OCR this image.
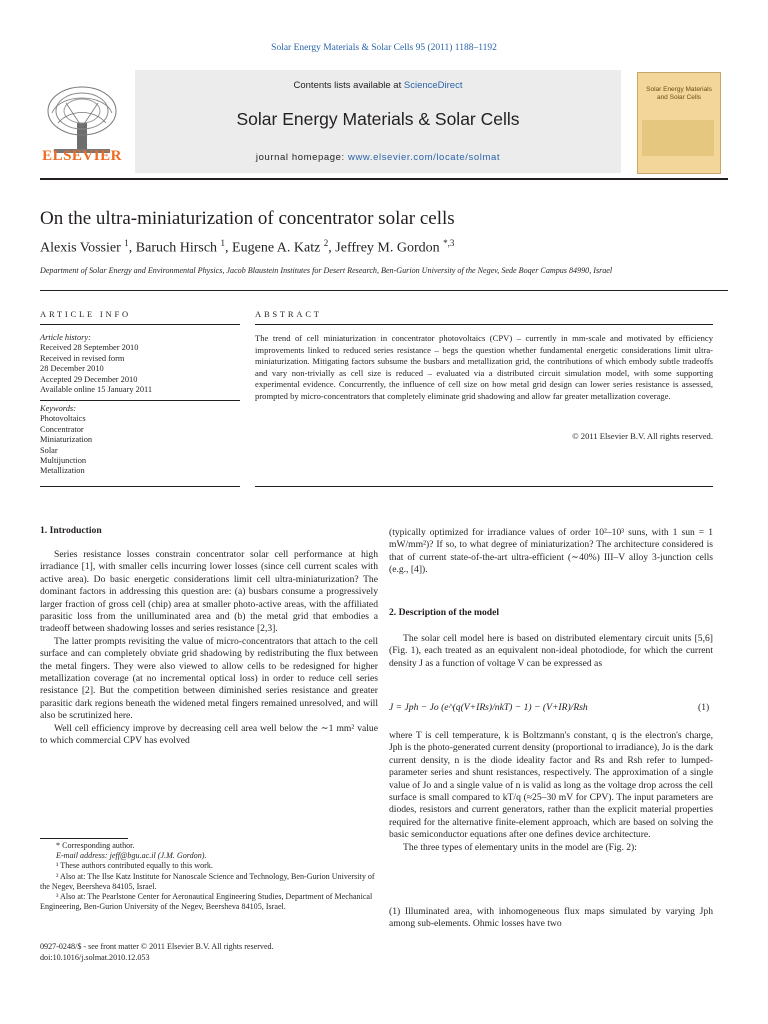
Solar Energy Materials & Solar Cells 95 (2011) 1188–1192
ELSEVIER
Contents lists available at ScienceDirect
Solar Energy Materials & Solar Cells
journal homepage: www.elsevier.com/locate/solmat
Solar Energy Materials and Solar Cells
On the ultra-miniaturization of concentrator solar cells
Alexis Vossier $^1$, Baruch Hirsch $^1$, Eugene A. Katz $^2$, Jeffrey M. Gordon $^{*,3}$
Department of Solar Energy and Environmental Physics, Jacob Blaustein Institutes for Desert Research, Ben-Gurion University of the Negev, Sede Boqer Campus 84990, Israel
ARTICLE INFO	ABSTRACT
Article history:
Received 28 September 2010
Received in revised form
28 December 2010
Accepted 29 December 2010
Available online 15 January 2011
Keywords:
Photovoltaics
Concentrator
Miniaturization
Solar
Multijunction
Metallization
The trend of cell miniaturization in concentrator photovoltaics (CPV) – currently in mm-scale and motivated by efficiency improvements linked to reduced series resistance – begs the question whether fundamental energetic considerations limit ultra-miniaturization. Mitigating factors subsume the busbars and metallization grid, the contributions of which embody subtle tradeoffs and vary non-trivially as cell size is reduced – evaluated via a distributed circuit simulation model, with some supporting experimental evidence. Concurrently, the influence of cell size on how metal grid design can lower series resistance is assessed, prompted by micro-concentrators that completely eliminate grid shadowing and allow far greater metallization coverage.
© 2011 Elsevier B.V. All rights reserved.
1. Introduction

Series resistance losses constrain concentrator solar cell performance at high irradiance [1], with smaller cells incurring lower losses (since cell current scales with active area). Do basic energetic considerations limit cell ultra-miniaturization? The dominant factors in addressing this question are: (a) busbars consume a progressively larger fraction of gross cell (chip) area at smaller photo-active areas, with the affiliated parasitic loss from the unilluminated area and (b) the metal grid that embodies a tradeoff between shadowing losses and series resistance [2,3].

The latter prompts revisiting the value of micro-concentrators that attach to the cell surface and can completely obviate grid shadowing by redistributing the flux between the metal fingers. They were also viewed to allow cells to be redesigned for higher metallization coverage (at no incremental optical loss) in order to reduce cell series resistance [2]. But the competition between diminished series resistance and greater parasitic dark regions beneath the widened metal fingers remained unresolved, and will also be scrutinized here.

Well cell efficiency improve by decreasing cell area well below the ∼1 mm² value to which commercial CPV has evolved

* Corresponding author.
E-mail address: jeff@bgu.ac.il (J.M. Gordon).
¹ These authors contributed equally to this work.
² Also at: The Ilse Katz Institute for Nanoscale Science and Technology, Ben-Gurion University of the Negev, Beersheva 84105, Israel.
³ Also at: The Pearlstone Center for Aeronautical Engineering Studies, Department of Mechanical Engineering, Ben-Gurion University of the Negev, Beersheva 84105, Israel.
0927-0248/$ - see front matter © 2011 Elsevier B.V. All rights reserved.
doi:10.1016/j.solmat.2010.12.053

(typically optimized for irradiance values of order 10²–10³ suns, with 1 sun = 1 mW/mm²)? If so, to what degree of miniaturization? The architecture considered is that of current state-of-the-art ultra-efficient (∼40%) III–V alloy 3-junction cells (e.g., [4]).

2. Description of the model

The solar cell model here is based on distributed elementary circuit units [5,6] (Fig. 1), each treated as an equivalent non-ideal photodiode, for which the current density J as a function of voltage V can be expressed as

J = Jph − Jo (e^(q(V+IRs)/nkT) − 1) − (V+IR)/Rsh	(1)

where T is cell temperature, k is Boltzmann's constant, q is the electron's charge, Jph is the photo-generated current density (proportional to irradiance), Jo is the dark current density, n is the diode ideality factor and Rs and Rsh refer to lumped-parameter series and shunt resistances, respectively. The approximation of a single value of Jo and a single value of n is valid as long as the voltage drop across the cell surface is small compared to kT/q (≈25–30 mV for CPV). The input parameters are diodes, resistors and current generators, rather than the explicit material properties required for the alternative finite-element approach, which are based on solving the basic semiconductor equations after one defines device architecture.

The three types of elementary units in the model are (Fig. 2):

(1) Illuminated area, with inhomogeneous flux maps simulated by varying Jph among sub-elements. Ohmic losses have two
